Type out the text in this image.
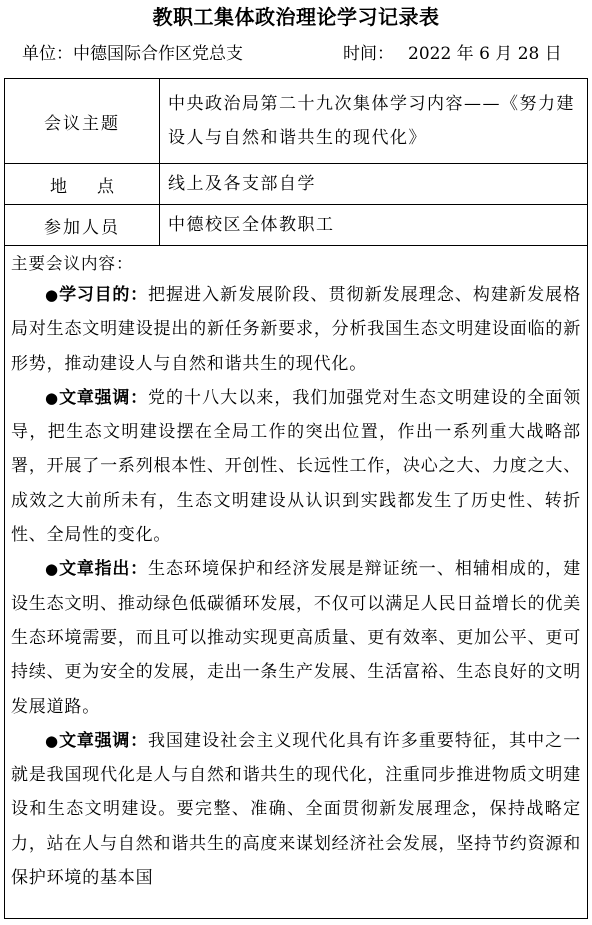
教职工集体政治理论学习记录表
单位：中德国际合作区党总支	时间： 2022 年 6 月 28 日
会议主题	中央政治局第二十九次集体学习内容——《努力建设人与自然和谐共生的现代化》
地点	线上及各支部自学
参加人员	中德校区全体教职工

主要会议内容：

●学习目的：把握进入新发展阶段、贯彻新发展理念、构建新发展格局对生态文明建设提出的新任务新要求，分析我国生态文明建设面临的新形势，推动建设人与自然和谐共生的现代化。

●文章强调：党的十八大以来，我们加强党对生态文明建设的全面领导，把生态文明建设摆在全局工作的突出位置，作出一系列重大战略部署，开展了一系列根本性、开创性、长远性工作，决心之大、力度之大、成效之大前所未有，生态文明建设从认识到实践都发生了历史性、转折性、全局性的变化。

●文章指出：生态环境保护和经济发展是辩证统一、相辅相成的，建设生态文明、推动绿色低碳循环发展，不仅可以满足人民日益增长的优美生态环境需要，而且可以推动实现更高质量、更有效率、更加公平、更可持续、更为安全的发展，走出一条生产发展、生活富裕、生态良好的文明发展道路。

●文章强调：我国建设社会主义现代化具有许多重要特征，其中之一就是我国现代化是人与自然和谐共生的现代化，注重同步推进物质文明建设和生态文明建设。要完整、准确、全面贯彻新发展理念，保持战略定力，站在人与自然和谐共生的高度来谋划经济社会发展，坚持节约资源和保护环境的基本国	
